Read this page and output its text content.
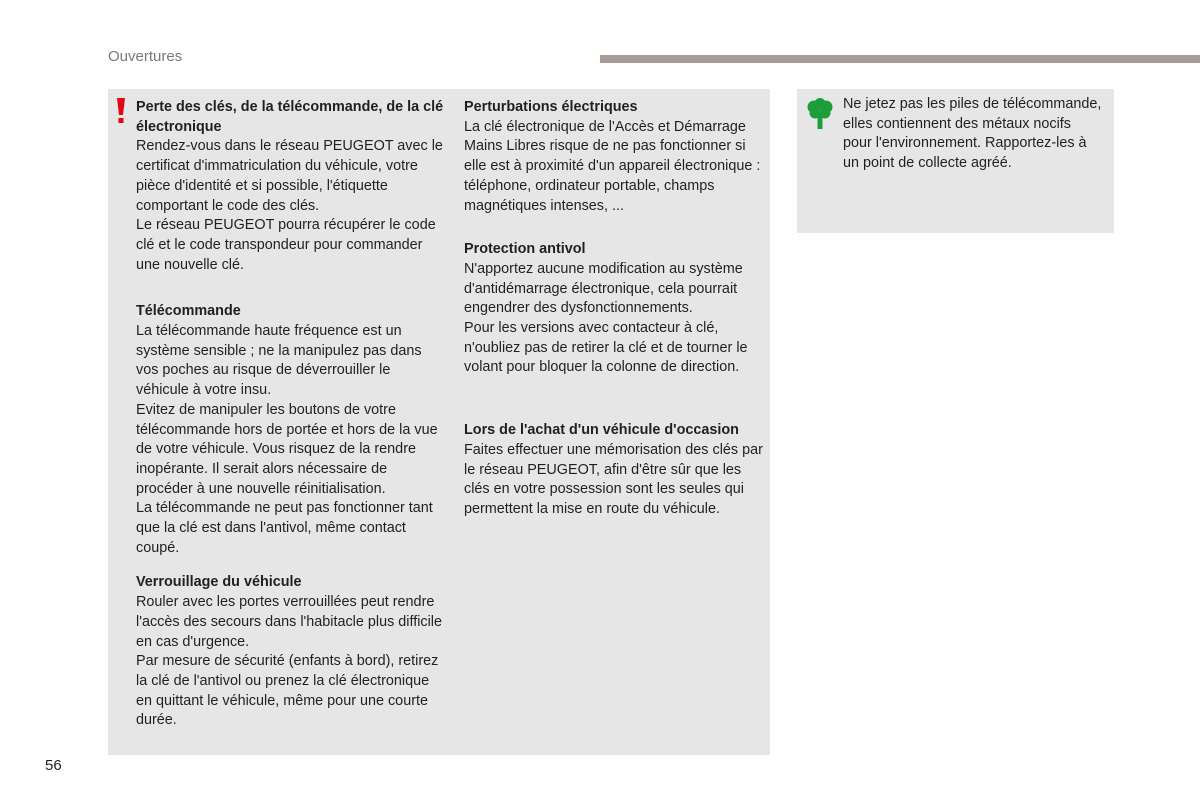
Ouvertures
Perte des clés, de la télécommande, de la clé électronique

Rendez-vous dans le réseau PEUGEOT avec le certificat d'immatriculation du véhicule, votre pièce d'identité et si possible, l'étiquette comportant le code des clés.

Le réseau PEUGEOT pourra récupérer le code clé et le code transpondeur pour commander une nouvelle clé.

Télécommande

La télécommande haute fréquence est un système sensible ; ne la manipulez pas dans vos poches au risque de déverrouiller le véhicule à votre insu.

Evitez de manipuler les boutons de votre télécommande hors de portée et hors de la vue de votre véhicule. Vous risquez de la rendre inopérante. Il serait alors nécessaire de procéder à une nouvelle réinitialisation.

La télécommande ne peut pas fonctionner tant que la clé est dans l'antivol, même contact coupé.

Verrouillage du véhicule

Rouler avec les portes verrouillées peut rendre l'accès des secours dans l'habitacle plus difficile en cas d'urgence.

Par mesure de sécurité (enfants à bord), retirez la clé de l'antivol ou prenez la clé électronique en quittant le véhicule, même pour une courte durée.

Perturbations électriques

La clé électronique de l'Accès et Démarrage Mains Libres risque de ne pas fonctionner si elle est à proximité d'un appareil électronique : téléphone, ordinateur portable, champs magnétiques intenses, ...

Protection antivol

N'apportez aucune modification au système d'antidémarrage électronique, cela pourrait engendrer des dysfonctionnements.

Pour les versions avec contacteur à clé, n'oubliez pas de retirer la clé et de tourner le volant pour bloquer la colonne de direction.

Lors de l'achat d'un véhicule d'occasion

Faites effectuer une mémorisation des clés par le réseau PEUGEOT, afin d'être sûr que les clés en votre possession sont les seules qui permettent la mise en route du véhicule.

Ne jetez pas les piles de télécommande, elles contiennent des métaux nocifs pour l'environnement. Rapportez-les à un point de collecte agréé.

56
